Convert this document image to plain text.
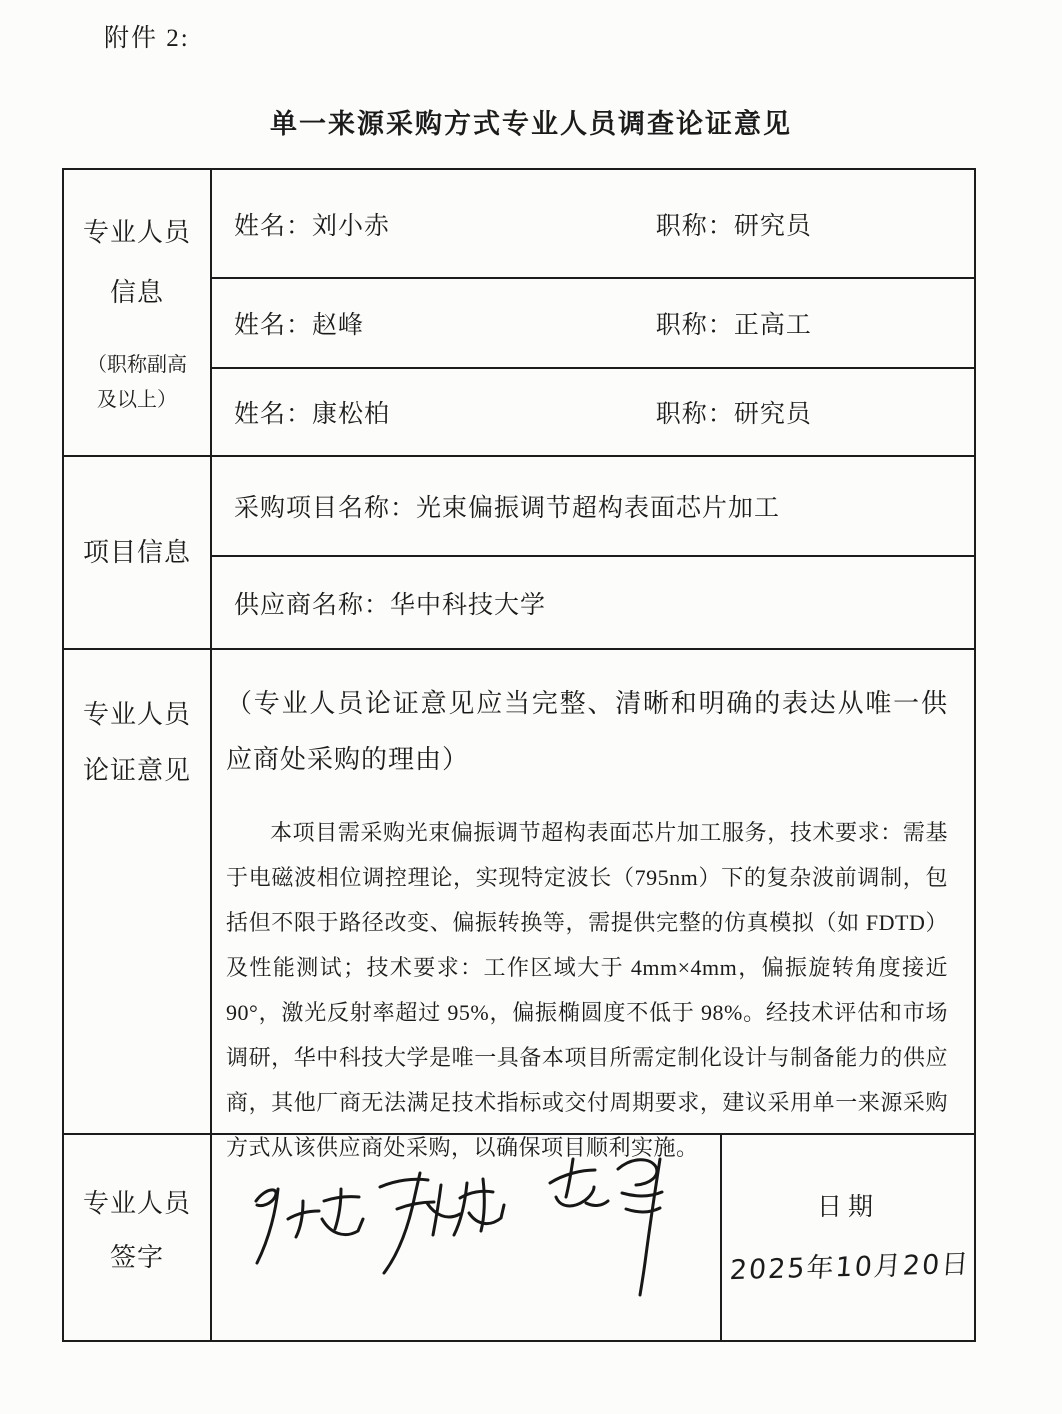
附件 2:
单一来源采购方式专业人员调查论证意见
专业人员
信息
（职称副高
及以上）
姓名：刘小赤	职称：研究员
姓名：赵峰	职称：正高工
姓名：康松柏	职称：研究员
项目信息
采购项目名称：光束偏振调节超构表面芯片加工
供应商名称：华中科技大学
专业人员
论证意见
（专业人员论证意见应当完整、清晰和明确的表达从唯一供应商处采购的理由）
本项目需采购光束偏振调节超构表面芯片加工服务，技术要求：需基于电磁波相位调控理论，实现特定波长（795nm）下的复杂波前调制，包括但不限于路径改变、偏振转换等，需提供完整的仿真模拟（如 FDTD）及性能测试；技术要求：工作区域大于 4mm×4mm，偏振旋转角度接近 90°，激光反射率超过 95%，偏振椭圆度不低于 98%。经技术评估和市场调研，华中科技大学是唯一具备本项目所需定制化设计与制备能力的供应商，其他厂商无法满足技术指标或交付周期要求，建议采用单一来源采购方式从该供应商处采购，以确保项目顺利实施。
专业人员
签字
日期
2025年10月20日
